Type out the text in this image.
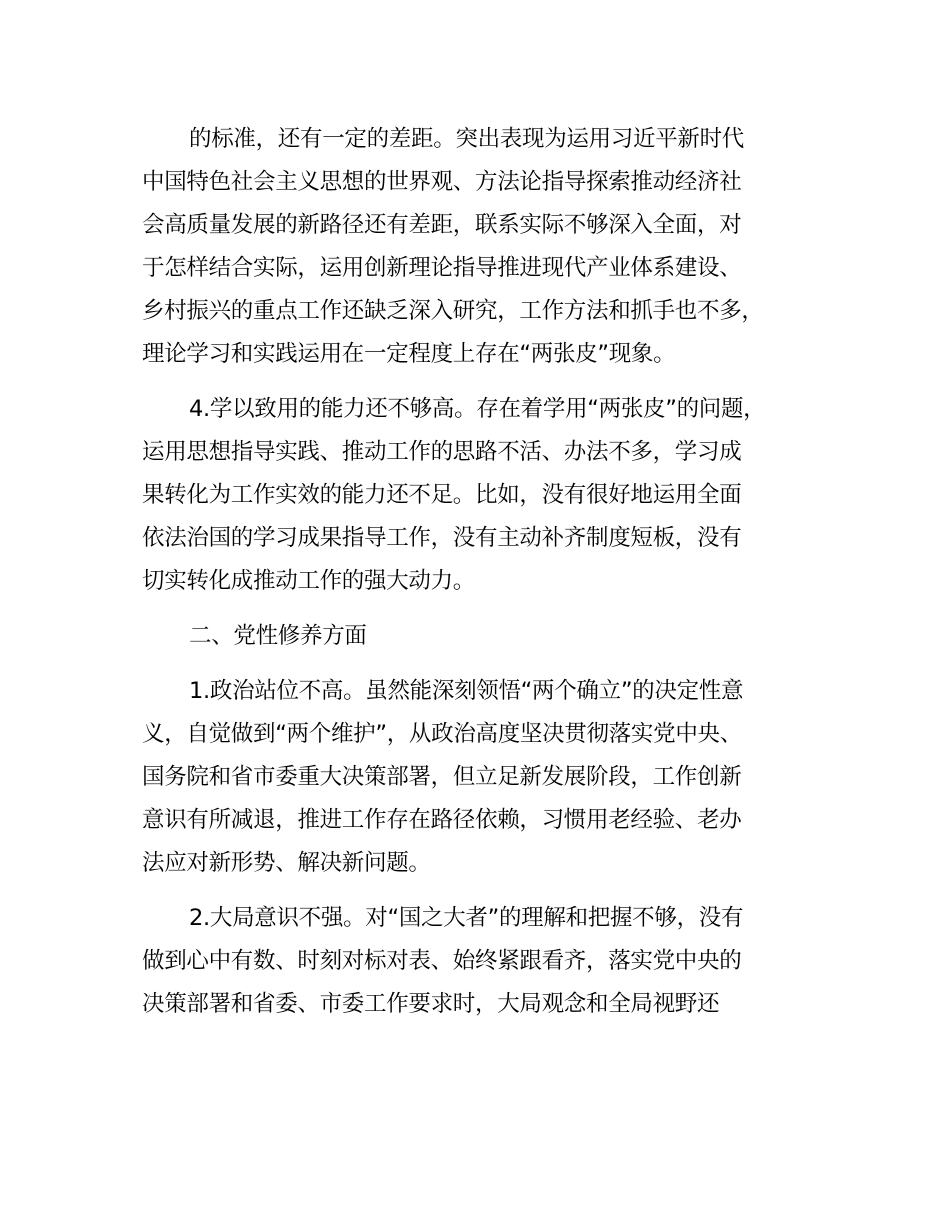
的标准，还有一定的差距。突出表现为运用习近平新时代
中国特色社会主义思想的世界观、方法论指导探索推动经济社
会高质量发展的新路径还有差距，联系实际不够深入全面，对
于怎样结合实际，运用创新理论指导推进现代产业体系建设、
乡村振兴的重点工作还缺乏深入研究，工作方法和抓手也不多，
理论学习和实践运用在一定程度上存在“两张皮”现象。
4.学以致用的能力还不够高。存在着学用“两张皮”的问题，
运用思想指导实践、推动工作的思路不活、办法不多，学习成
果转化为工作实效的能力还不足。比如，没有很好地运用全面
依法治国的学习成果指导工作，没有主动补齐制度短板，没有
切实转化成推动工作的强大动力。
二、党性修养方面
1.政治站位不高。虽然能深刻领悟“两个确立”的决定性意
义，自觉做到“两个维护”，从政治高度坚决贯彻落实党中央、
国务院和省市委重大决策部署，但立足新发展阶段，工作创新
意识有所减退，推进工作存在路径依赖，习惯用老经验、老办
法应对新形势、解决新问题。
2.大局意识不强。对“国之大者”的理解和把握不够，没有
做到心中有数、时刻对标对表、始终紧跟看齐，落实党中央的
决策部署和省委、市委工作要求时，大局观念和全局视野还
